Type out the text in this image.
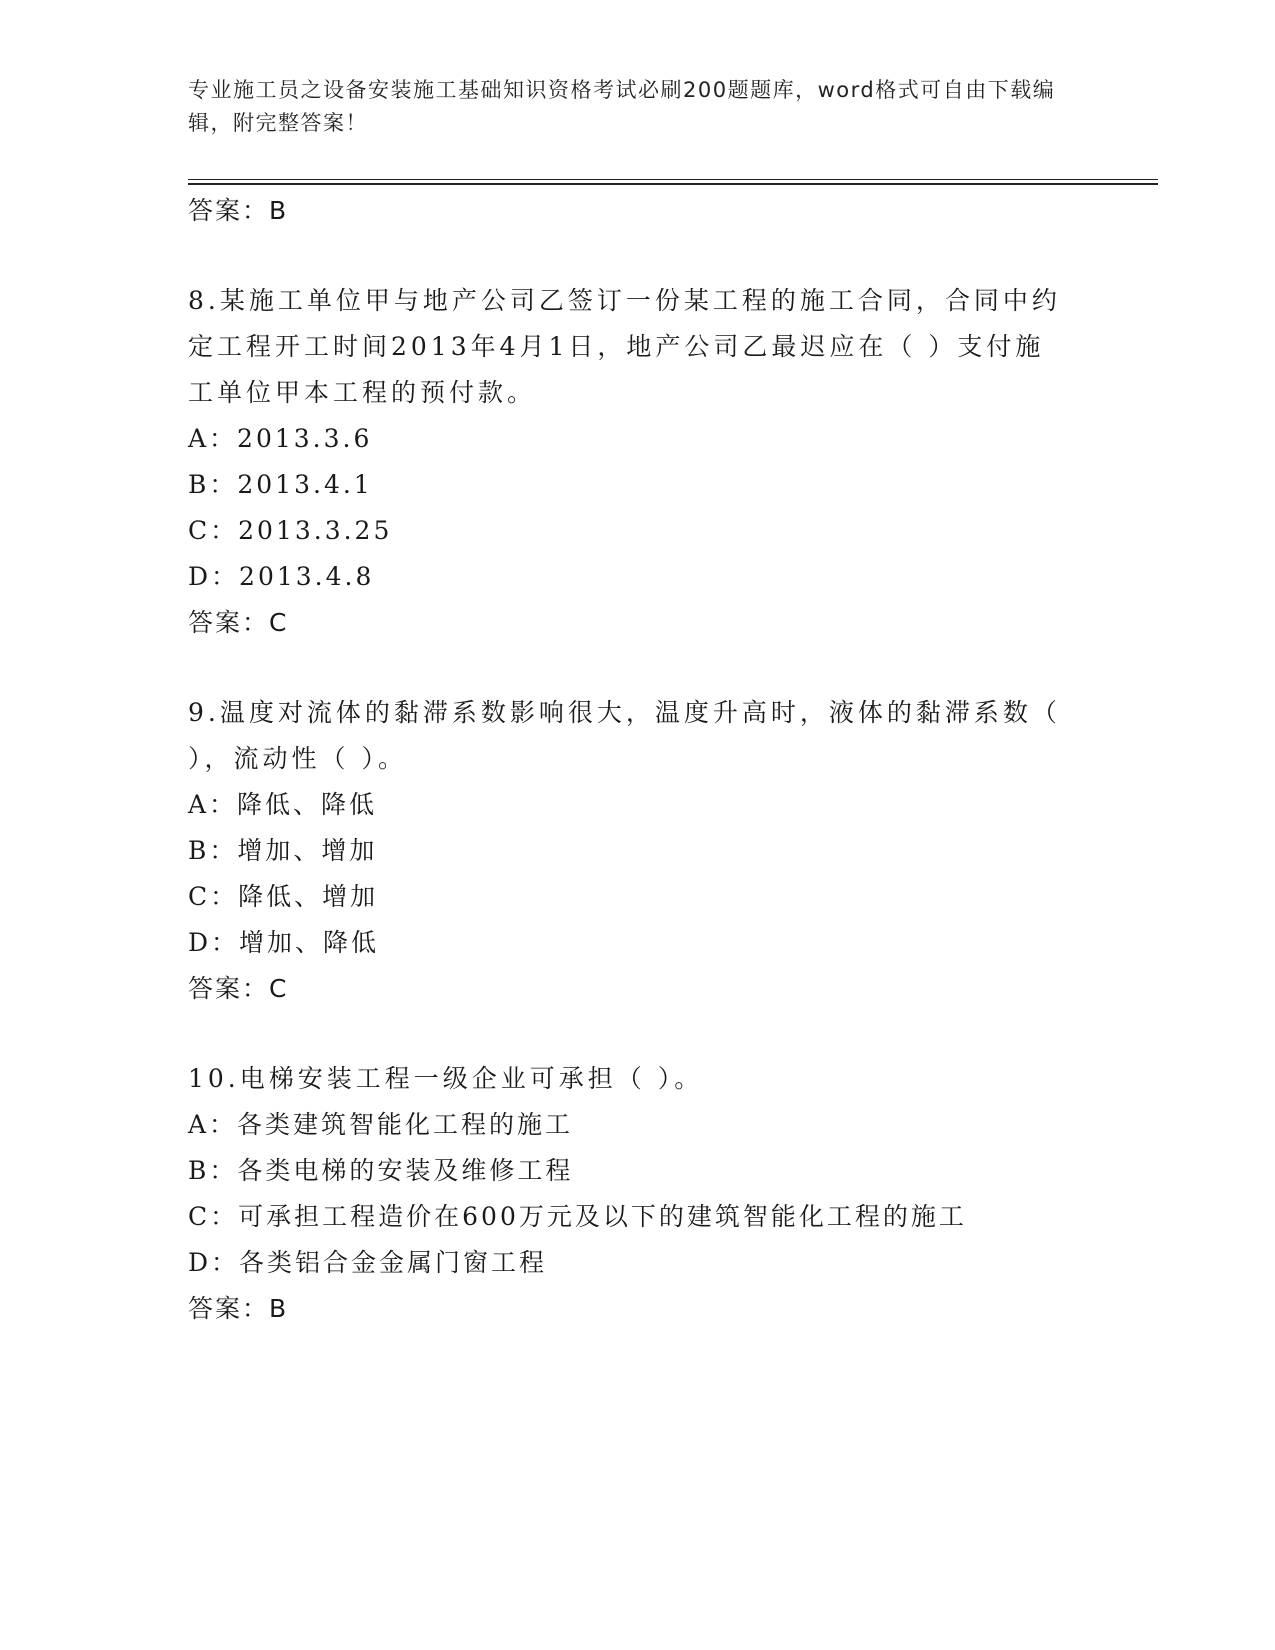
专业施工员之设备安装施工基础知识资格考试必刷200题题库，word格式可自由下载编辑，附完整答案！
答案：B

8.某施工单位甲与地产公司乙签订一份某工程的施工合同，合同中约定工程开工时间2013年4月1日，地产公司乙最迟应在（ ）支付施工单位甲本工程的预付款。

A：2013.3.6
B：2013.4.1
C：2013.3.25
D：2013.4.8
答案：C

9.温度对流体的黏滞系数影响很大，温度升高时，液体的黏滞系数（ ），流动性（ ）。

A：降低、降低
B：增加、增加
C：降低、增加
D：增加、降低
答案：C

10.电梯安装工程一级企业可承担（ ）。

A：各类建筑智能化工程的施工
B：各类电梯的安装及维修工程
C：可承担工程造价在600万元及以下的建筑智能化工程的施工
D：各类铝合金金属门窗工程
答案：B
